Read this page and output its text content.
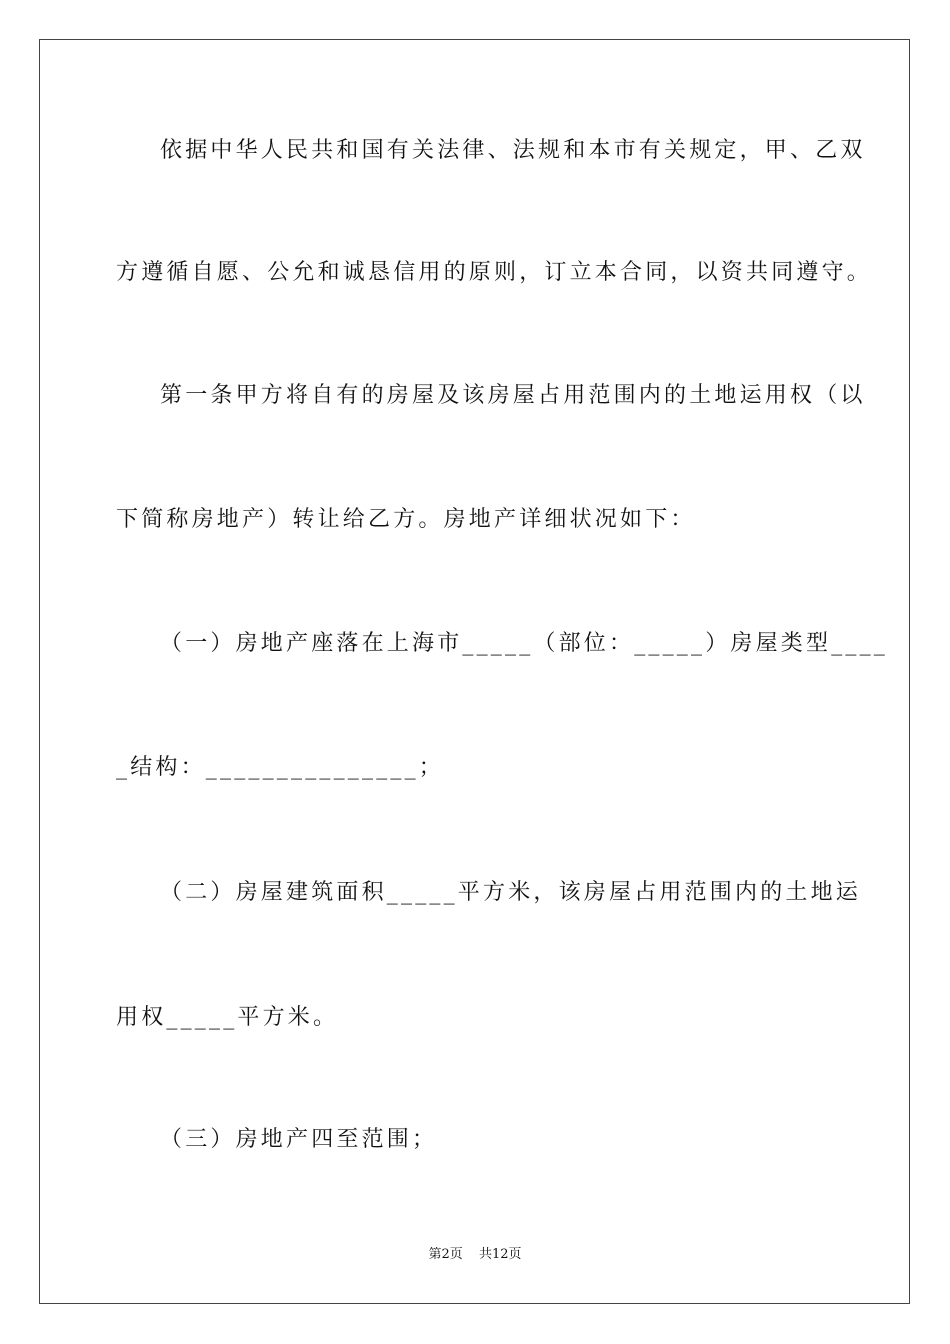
依据中华人民共和国有关法律、法规和本市有关规定，甲、乙双
方遵循自愿、公允和诚恳信用的原则，订立本合同，以资共同遵守。
第一条甲方将自有的房屋及该房屋占用范围内的土地运用权（以
下简称房地产）转让给乙方。房地产详细状况如下：
（一）房地产座落在上海市_____（部位：_____）房屋类型____
_结构：_______________；
（二）房屋建筑面积_____平方米，该房屋占用范围内的土地运
用权_____平方米。
（三）房地产四至范围；
第2页 共12页
